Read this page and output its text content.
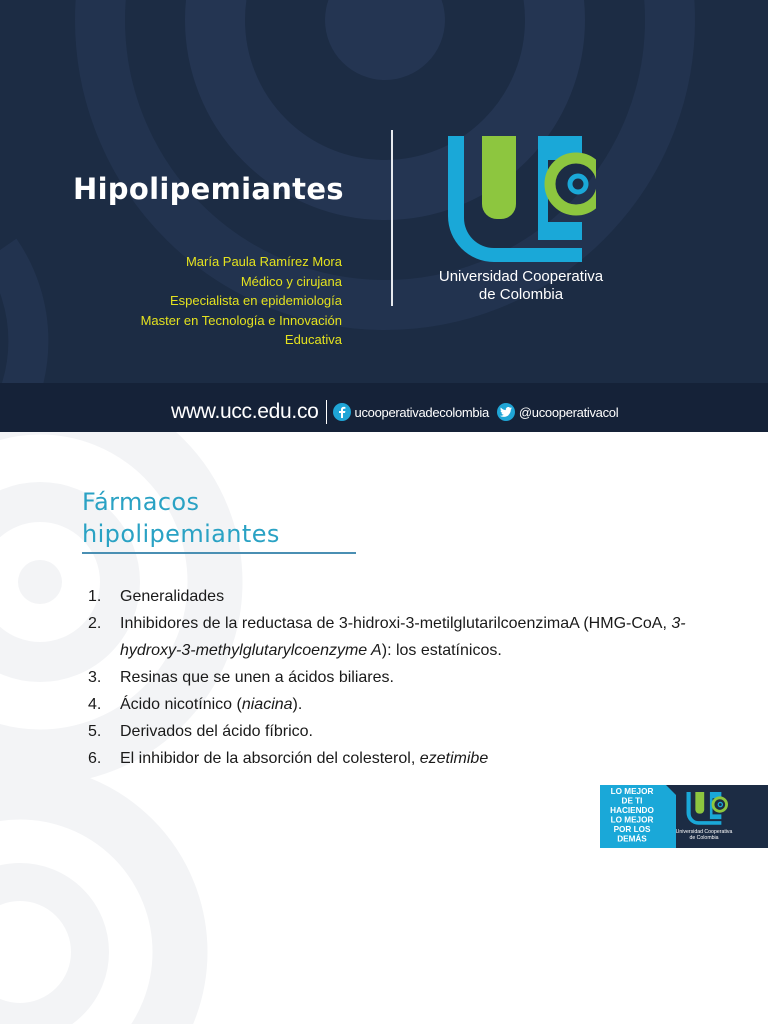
Hipolipemiantes
María Paula Ramírez Mora
Médico y cirujana
Especialista en epidemiología
Master en Tecnología e Innovación
Educativa
Universidad Cooperativa
de Colombia
www.ucc.edu.co	ucooperativadecolombia @ucooperativacol
Fármacos
hipolipemiantes
1.	Generalidades
2.	Inhibidores de la reductasa de 3-hidroxi-3-metilglutarilcoenzimaA (HMG-CoA, 3-hydroxy-3-methylglutarylcoenzyme A): los estatínicos.
3.	Resinas que se unen a ácidos biliares.
4.	Ácido nicotínico (niacina).
5.	Derivados del ácido fíbrico.
6.	El inhibidor de la absorción del colesterol, ezetimibe
LO MEJOR
DE TI
HACIENDO
LO MEJOR
POR LOS
DEMÁS
Universidad Cooperativa
de Colombia
